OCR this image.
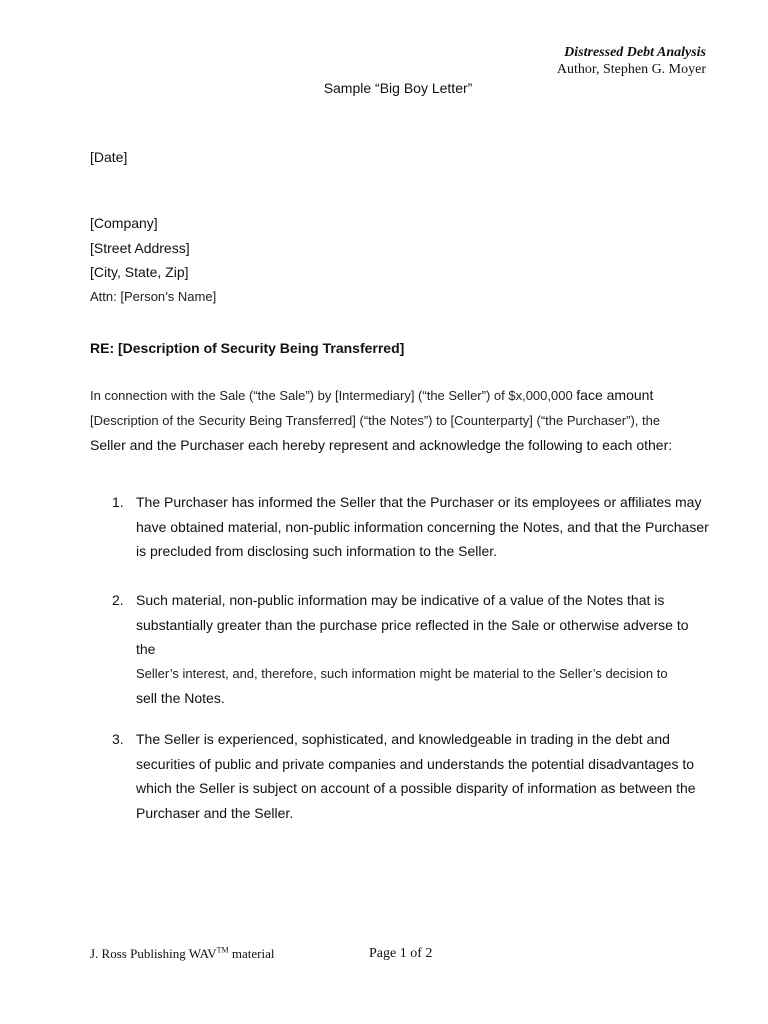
Distressed Debt Analysis
Author, Stephen G. Moyer
Sample “Big Boy Letter”
[Date]
[Company]
[Street Address]
[City, State, Zip]
Attn: [Person’s Name]
RE: [Description of Security Being Transferred]
In connection with the Sale (“the Sale”) by [Intermediary] (“the Seller”) of $x,000,000 face amount
[Description of the Security Being Transferred] (“the Notes”) to [Counterparty] (“the Purchaser”), the
Seller and the Purchaser each hereby represent and acknowledge the following to each other:
1. The Purchaser has informed the Seller that the Purchaser or its employees or affiliates may
have obtained material, non-public information concerning the Notes, and that the Purchaser
is precluded from disclosing such information to the Seller.
2. Such material, non-public information may be indicative of a value of the Notes that is
substantially greater than the purchase price reflected in the Sale or otherwise adverse to the
Seller’s interest, and, therefore, such information might be material to the Seller’s decision to
sell the Notes.
3. The Seller is experienced, sophisticated, and knowledgeable in trading in the debt and
securities of public and private companies and understands the potential disadvantages to
which the Seller is subject on account of a possible disparity of information as between the
Purchaser and the Seller.
J. Ross Publishing WAV™ material	Page 1 of 2
